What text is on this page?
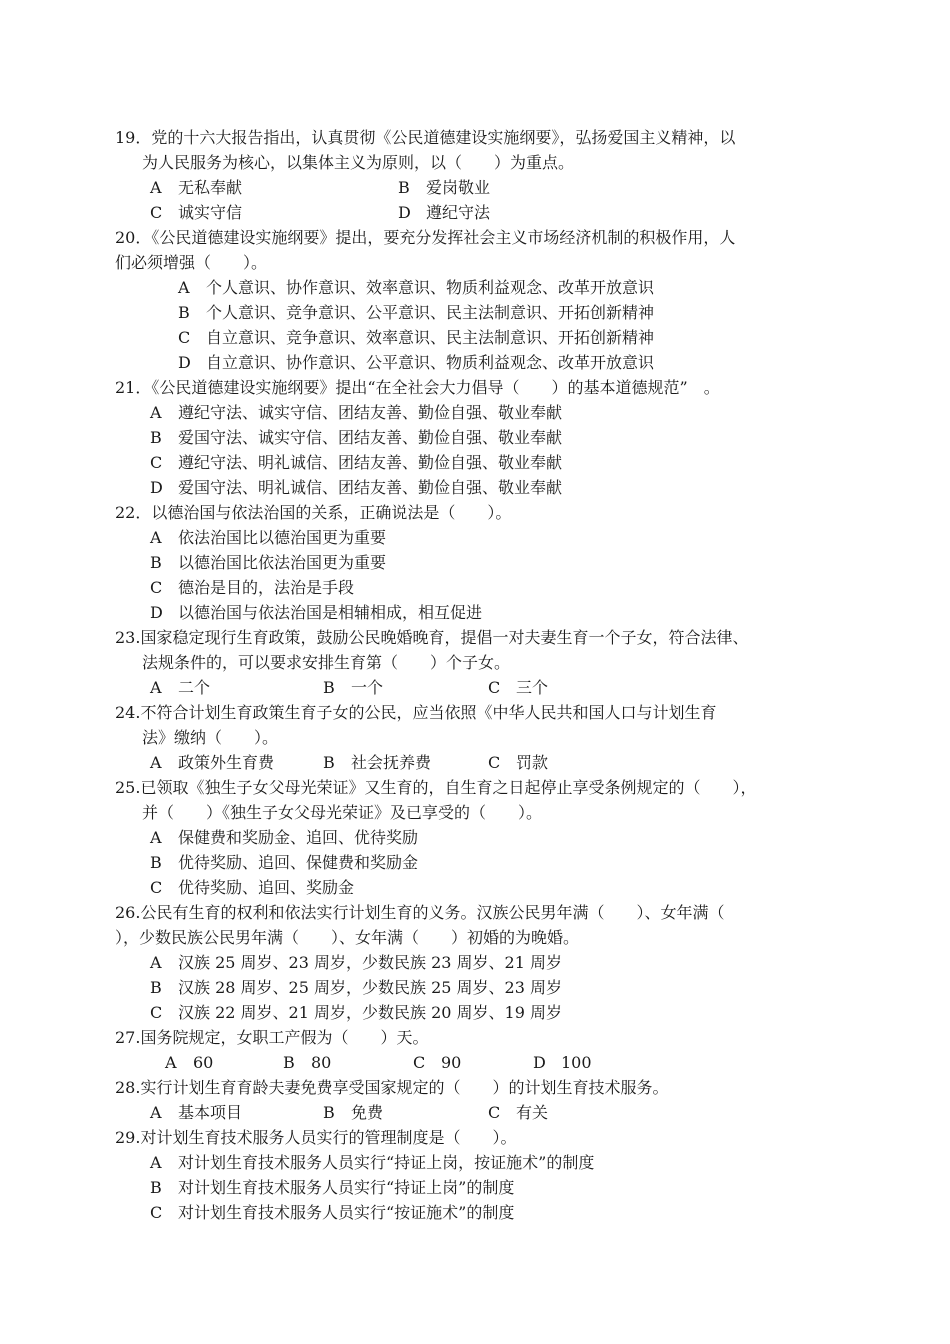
19．党的十六大报告指出，认真贯彻《公民道德建设实施纲要》，弘扬爱国主义精神，以
为人民服务为核心，以集体主义为原则，以（　　）为重点。
A 无私奉献	B 爱岗敬业
C 诚实守信	D 遵纪守法
20．《公民道德建设实施纲要》提出，要充分发挥社会主义市场经济机制的积极作用，人
们必须增强（　　）。
A 个人意识、协作意识、效率意识、物质利益观念、改革开放意识
B 个人意识、竞争意识、公平意识、民主法制意识、开拓创新精神
C 自立意识、竞争意识、效率意识、民主法制意识、开拓创新精神
D 自立意识、协作意识、公平意识、物质利益观念、改革开放意识
21．《公民道德建设实施纲要》提出“在全社会大力倡导（　　）的基本道德规范”　。
A 遵纪守法、诚实守信、团结友善、勤俭自强、敬业奉献
B 爱国守法、诚实守信、团结友善、勤俭自强、敬业奉献
C 遵纪守法、明礼诚信、团结友善、勤俭自强、敬业奉献
D 爱国守法、明礼诚信、团结友善、勤俭自强、敬业奉献
22．以德治国与依法治国的关系，正确说法是（　　）。
A 依法治国比以德治国更为重要
B 以德治国比依法治国更为重要
C 德治是目的，法治是手段
D 以德治国与依法治国是相辅相成，相互促进
23.国家稳定现行生育政策，鼓励公民晚婚晚育，提倡一对夫妻生育一个子女，符合法律、
法规条件的，可以要求安排生育第（　　）个子女。
A 二个	B 一个	C 三个
24.不符合计划生育政策生育子女的公民，应当依照《中华人民共和国人口与计划生育
法》缴纳（　　）。
A 政策外生育费	B 社会抚养费	C 罚款
25.已领取《独生子女父母光荣证》又生育的，自生育之日起停止享受条例规定的（　　），
并（　　）《独生子女父母光荣证》及已享受的（　　）。
A 保健费和奖励金、追回、优待奖励
B 优待奖励、追回、保健费和奖励金
C 优待奖励、追回、奖励金
26.公民有生育的权利和依法实行计划生育的义务。汉族公民男年满（　　）、女年满（
），少数民族公民男年满（　　）、女年满（　　）初婚的为晚婚。
A 汉族 25 周岁、23 周岁，少数民族 23 周岁、21 周岁
B 汉族 28 周岁、25 周岁，少数民族 25 周岁、23 周岁
C 汉族 22 周岁、21 周岁，少数民族 20 周岁、19 周岁
27.国务院规定，女职工产假为（　　）天。
A 60	B 80	C 90	D 100
28.实行计划生育育龄夫妻免费享受国家规定的（　　）的计划生育技术服务。
A 基本项目	B 免费	C 有关
29.对计划生育技术服务人员实行的管理制度是（　　）。
A 对计划生育技术服务人员实行“持证上岗，按证施术”的制度
B 对计划生育技术服务人员实行“持证上岗”的制度
C 对计划生育技术服务人员实行“按证施术”的制度
